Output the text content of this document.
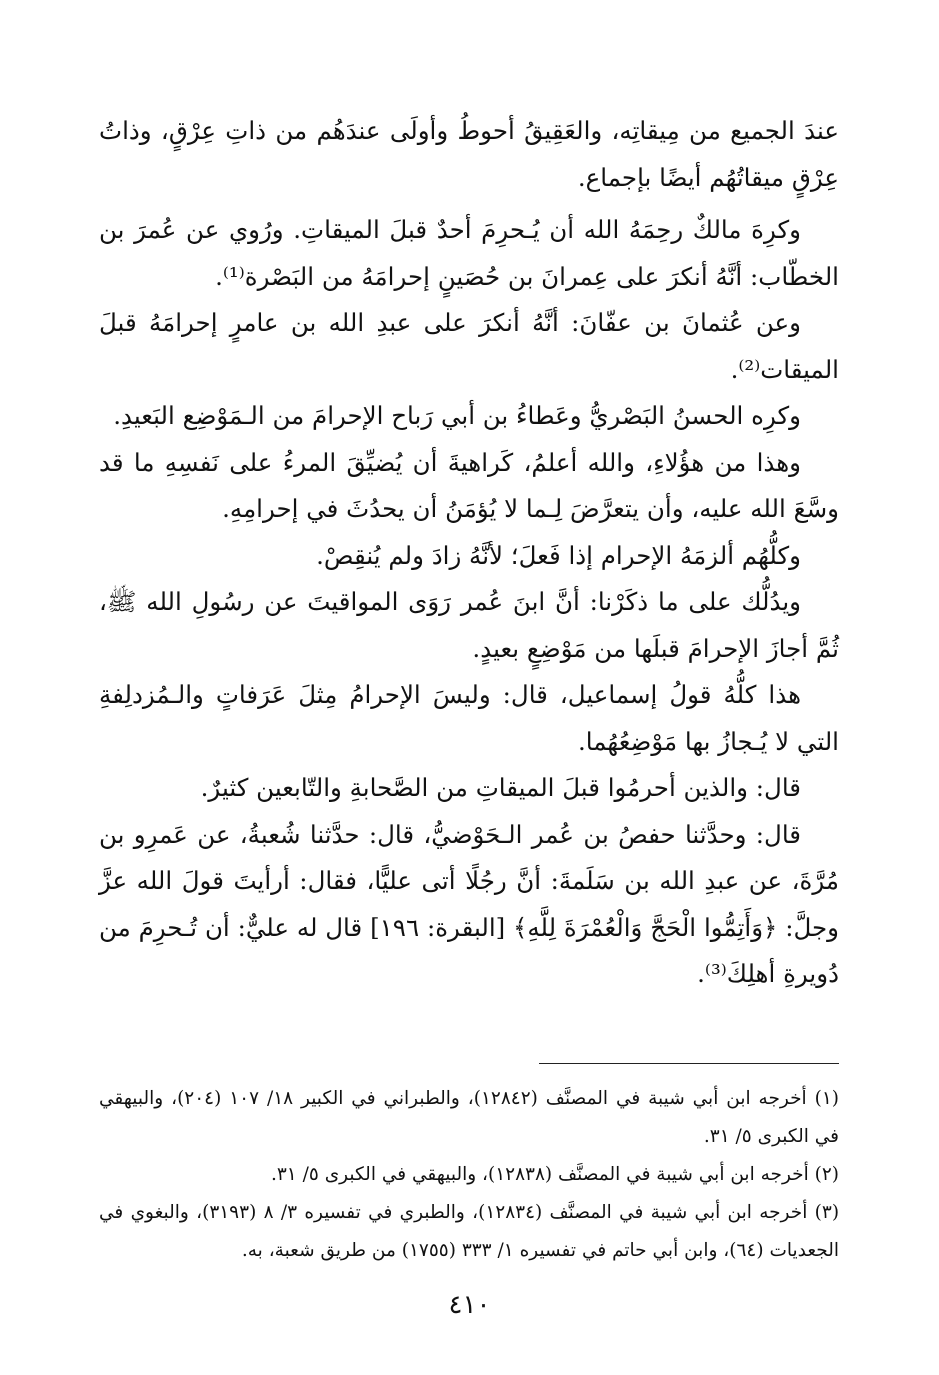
عندَ الجميع من مِيقاتِه، والعَقِيقُ أحوطُ وأولَى عندَهُم من ذاتِ عِرْقٍ، وذاتُ عِرْقٍ ميقاتُهُم أيضًا بإجماع.

وكرِهَ مالكٌ رحِمَهُ الله أن يُـحرِمَ أحدٌ قبلَ الميقاتِ. ورُوي عن عُمرَ بن الخطّاب: أنَّهُ أنكرَ على عِمرانَ بن حُصَينٍ إحرامَهُ من البَصْرة⁽¹⁾.

وعن عُثمانَ بن عفّانَ: أنَّهُ أنكرَ على عبدِ الله بن عامرٍ إحرامَهُ قبلَ الميقات⁽²⁾.

وكرِه الحسنُ البَصْريُّ وعَطاءُ بن أبي رَباح الإحرامَ من الـمَوْضِع البَعيدِ.

وهذا من هؤُلاءِ، والله أعلمُ، كَراهيةَ أن يُضيِّقَ المرءُ على نَفسِهِ ما قد وسَّعَ الله عليه، وأن يتعرَّضَ لِـما لا يُؤمَنُ أن يحدُثَ في إحرامِهِ.

وكلُّهُم ألزمَهُ الإحرام إذا فَعلَ؛ لأنَّهُ زادَ ولم يُنقِصْ.

ويدُلُّك على ما ذكَرْنا: أنَّ ابنَ عُمر رَوَى المواقيتَ عن رسُولِ الله ﷺ، ثُمَّ أجازَ الإحرامَ قبلَها من مَوْضِعٍ بعيدٍ.

هذا كلُّهُ قولُ إسماعيل، قال: وليسَ الإحرامُ مِثلَ عَرَفاتٍ والـمُزدلِفةِ التي لا يُـجازُ بها مَوْضِعُهُما.

قال: والذين أحرمُوا قبلَ الميقاتِ من الصَّحابةِ والتّابعين كثيرٌ.

قال: وحدَّثنا حفصُ بن عُمر الـحَوْضيُّ، قال: حدَّثنا شُعبةُ، عن عَمرِو بن مُرَّةَ، عن عبدِ الله بن سَلَمةَ: أنَّ رجُلًا أتى عليًّا، فقال: أرأيتَ قولَ الله عزَّ وجلَّ: ﴿وَأَتِمُّوا الْحَجَّ وَالْعُمْرَةَ لِلَّهِ﴾ [البقرة: ١٩٦] قال له عليٌّ: أن تُـحرِمَ من دُويرةِ أهلِكَ⁽³⁾.

(١) أخرجه ابن أبي شيبة في المصنَّف (١٢٨٤٢)، والطبراني في الكبير ١٨/ ١٠٧ (٢٠٤)، والبيهقي في الكبرى ٥/ ٣١.

(٢) أخرجه ابن أبي شيبة في المصنَّف (١٢٨٣٨)، والبيهقي في الكبرى ٥/ ٣١.

(٣) أخرجه ابن أبي شيبة في المصنَّف (١٢٨٣٤)، والطبري في تفسيره ٣/ ٨ (٣١٩٣)، والبغوي في الجعديات (٦٤)، وابن أبي حاتم في تفسيره ١/ ٣٣٣ (١٧٥٥) من طريق شعبة، به.

٤١٠
